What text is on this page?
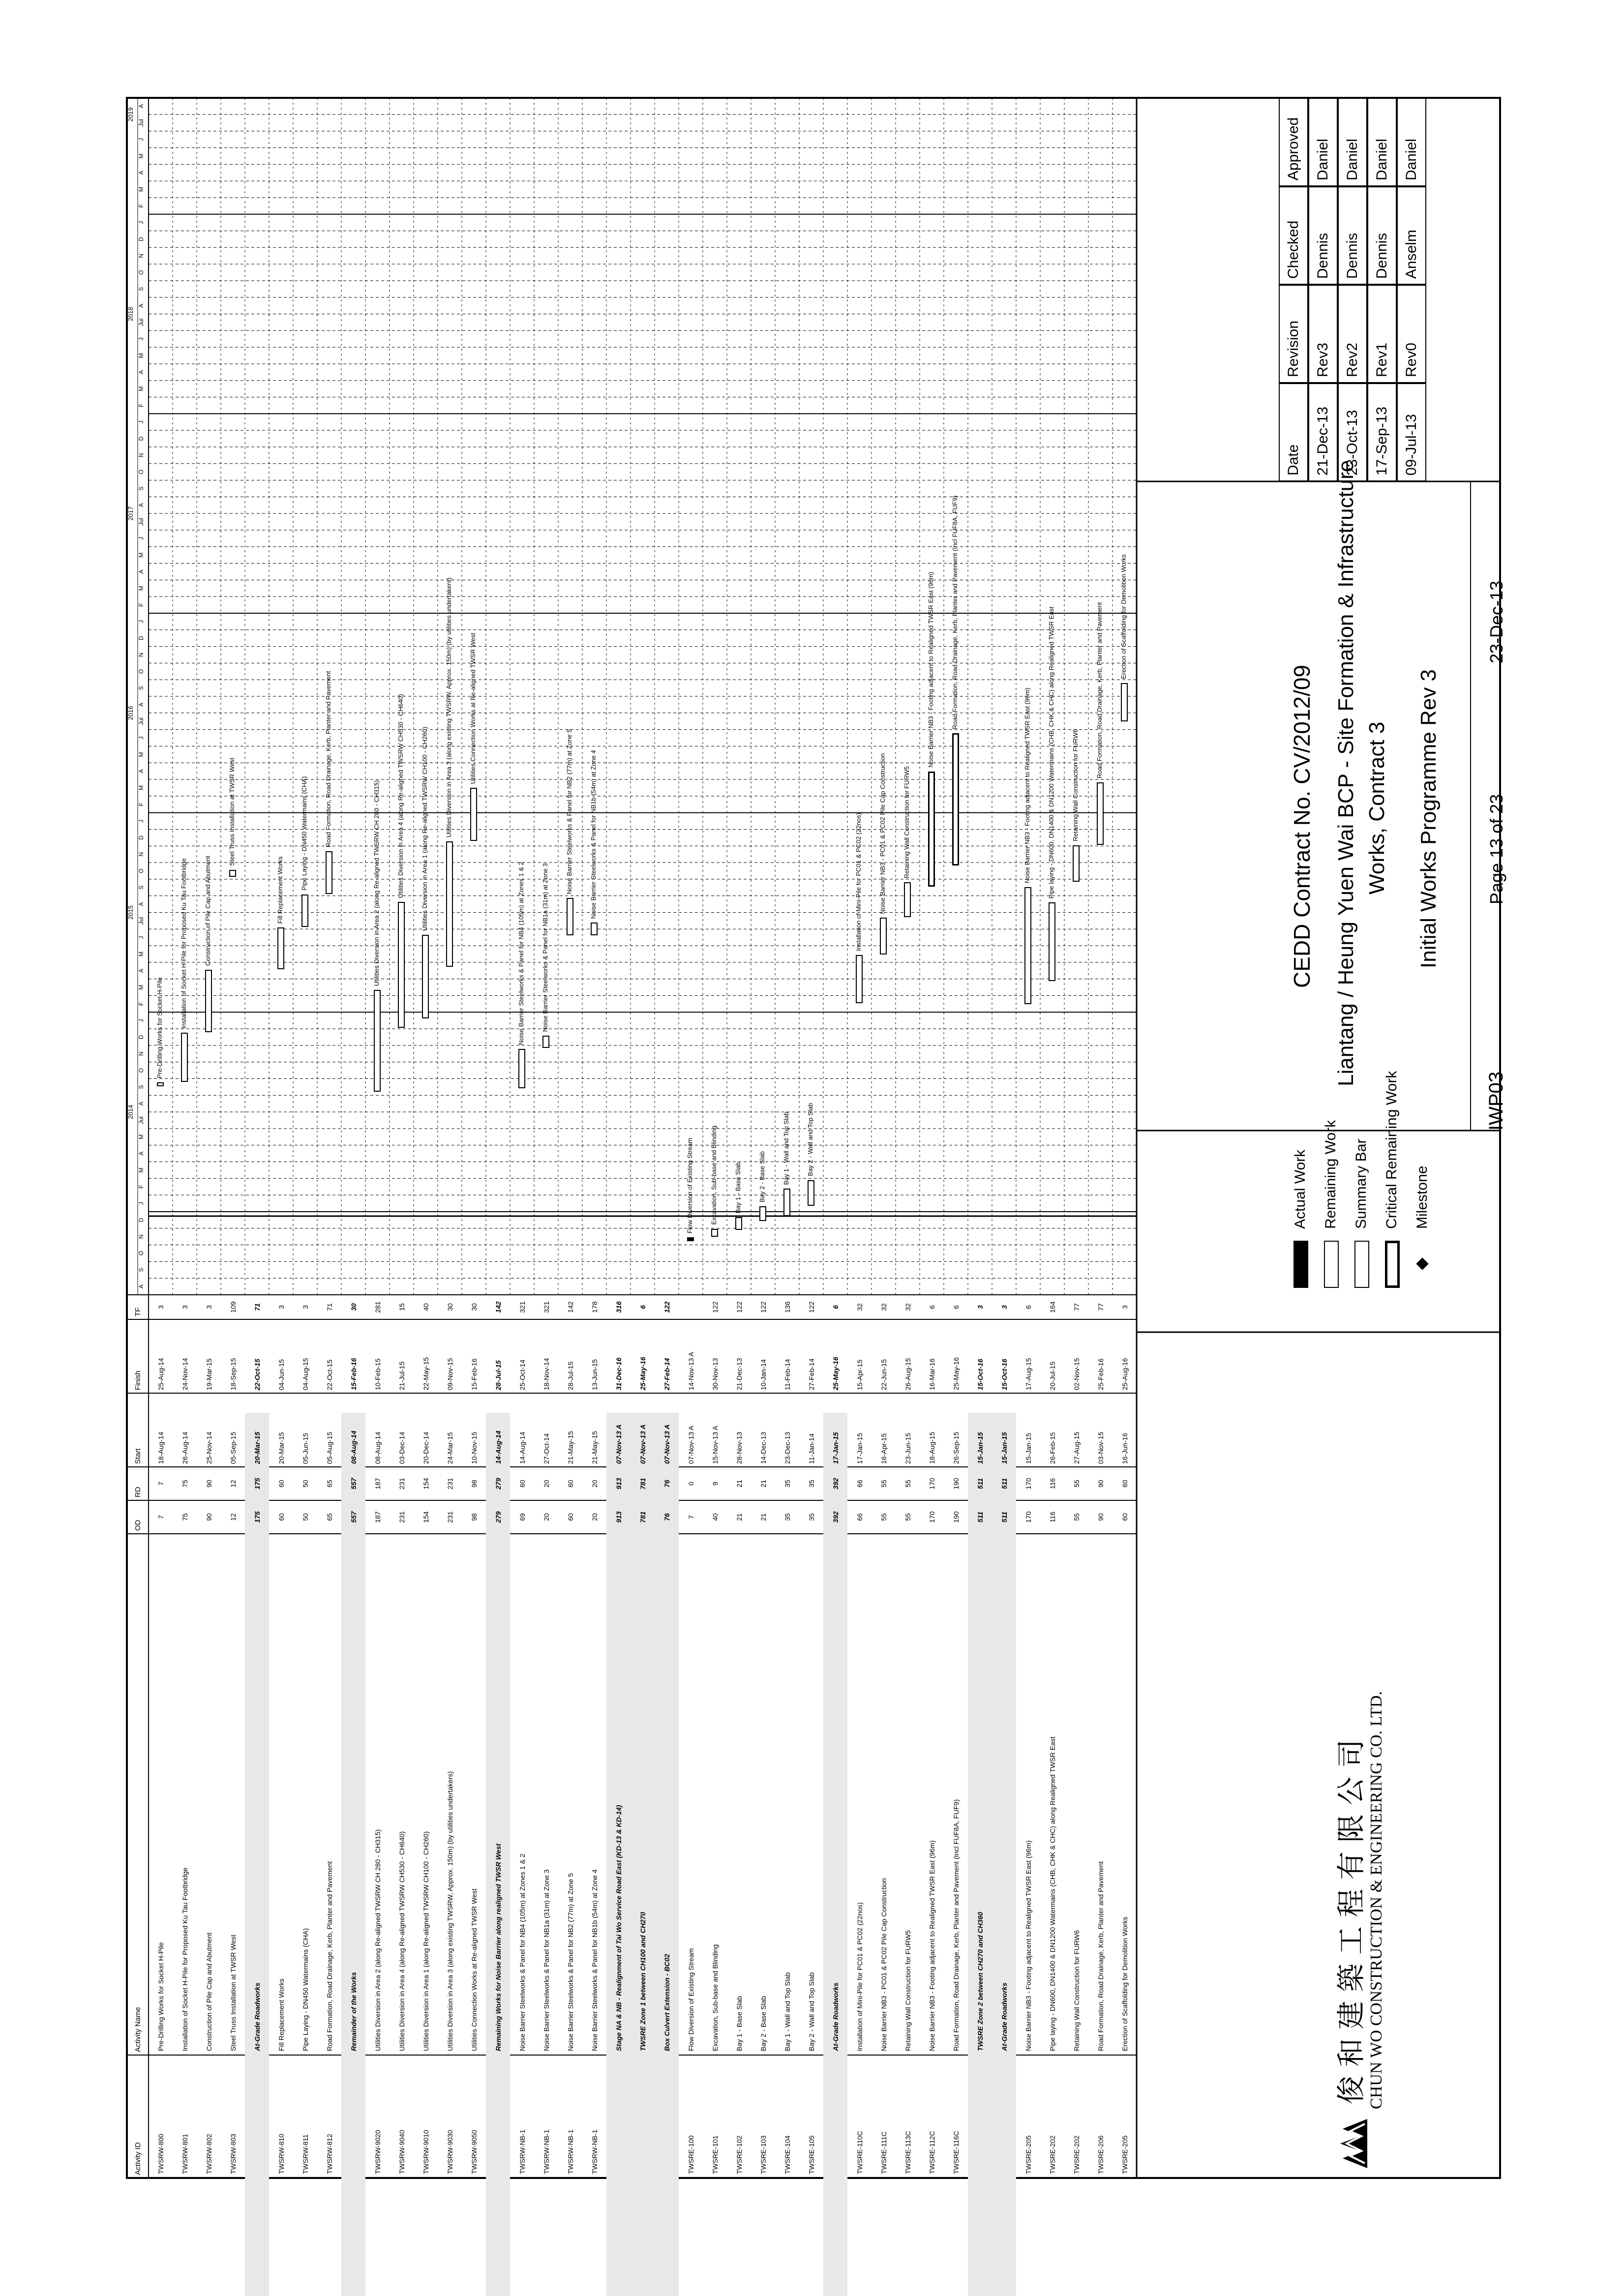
Activity ID
Activity Name
OD
RD
Start
Finish
TF
2014
2015
2016
2017
2018
2019
A
S
O
N
D
J
F
M
A
M
Jul
A
S
O
N
D
J
F
M
A
M
J
Jul
A
S
O
N
D
J
F
M
A
M
J
Jul
A
S
O
N
D
J
F
M
A
M
J
Jul
A
S
O
N
D
J
F
M
A
M
J
Jul
A
S
O
N
D
J
F
M
A
M
J
Jul
A
TWSRW-800
Pre-Drilling Works for Socket H-Pile
7
7
18-Aug-14
25-Aug-14
3
Pre-Drilling Works for Socket H-Pile
TWSRW-801
Installation of Socket H-Pile for Proposed Ku Tau Footbridge
75
75
26-Aug-14
24-Nov-14
3
Installation of Socket H-Pile for Proposed Ku Tau Footbridge
TWSRW-802
Construction of Pile Cap and Abutment
90
90
25-Nov-14
19-Mar-15
3
Construction of Pile Cap and Abutment
TWSRW-803
Steel Truss Installation at TWSR West
12
12
05-Sep-15
18-Sep-15
109
Steel Truss Installation at TWSR West
At-Grade Roadworks
175
175
20-Mar-15
22-Oct-15
71
TWSRW-810
Fill Replacement Works
60
60
20-Mar-15
04-Jun-15
3
Fill Replacement Works
TWSRW-811
Pipe Laying - DN450 Watermains (CHA)
50
50
05-Jun-15
04-Aug-15
3
Pipe Laying - DN450 Watermains (CHA)
TWSRW-812
Road Formation, Road Drainage, Kerb, Planter and Pavement
65
65
05-Aug-15
22-Oct-15
71
Road Formation, Road Drainage, Kerb, Planter and Pavement
Remainder of the Works
557
557
08-Aug-14
15-Feb-16
30
TWSRW-9020
Utilities Diversion in Area 2 (along Re-aligned TWSRW CH 280 - CH315)
187
187
08-Aug-14
10-Feb-15
281
Utilities Diversion in Area 2 (along Re-aligned TWSRW CH 280 - CH315)
TWSRW-9040
Utilities Diversion in Area 4 (along Re-aligned TWSRW CH530 - CH640)
231
231
03-Dec-14
21-Jul-15
15
Utilities Diversion in Area 4 (along Re-aligned TWSRW CH530 - CH640)
TWSRW-9010
Utilities Diversion in Area 1 (along Re-aligned TWSRW CH100 - CH260)
154
154
20-Dec-14
22-May-15
40
Utilities Diversion in Area 1 (along Re-aligned TWSRW CH100 - CH260)
TWSRW-9030
Utilities Diversion in Area 3 (along existing TWSRW, Approx. 150m) (by utilities undertakers)
231
231
24-Mar-15
09-Nov-15
30
Utilities Diversion in Area 3 (along existing TWSRW, Approx. 150m) (by utilities undertakers)
TWSRW-9050
Utilities Connection Works at Re-aligned TWSR West
98
98
10-Nov-15
15-Feb-16
30
Utilities Connection Works at Re-aligned TWSR West
Remaining Works for Noise Barrier along realigned TWSR West
279
279
14-Aug-14
28-Jul-15
142
TWSRW-NB-1
Noise Barrier Steelworks & Panel for NB4 (105m) at Zones 1 & 2
69
60
14-Aug-14
25-Oct-14
321
Noise Barrier Steelworks & Panel for NB4 (105m) at Zones 1 & 2
TWSRW-NB-1
Noise Barrier Steelworks & Panel for NB1a (31m) at Zone 3
20
20
27-Oct-14
18-Nov-14
321
Noise Barrier Steelworks & Panel for NB1a (31m) at Zone 3
TWSRW-NB-1
Noise Barrier Steelworks & Panel for NB2 (77m) at Zone 5
60
60
21-May-15
28-Jul-15
142
Noise Barrier Steelworks & Panel for NB2 (77m) at Zone 5
TWSRW-NB-1
Noise Barrier Steelworks & Panel for NB1b (54m) at Zone 4
20
20
21-May-15
13-Jun-15
178
Noise Barrier Steelworks & Panel for NB1b (54m) at Zone 4
Stage NA & NB - Realignment of Tai Wo Service Road East (KD-13 & KD-14)
913
913
07-Nov-13 A
31-Dec-16
316
TWSRE Zone 1 between CH100 and CH270
781
781
07-Nov-13 A
25-May-16
6
Box Culvert Extension - BC02
76
76
07-Nov-13 A
27-Feb-14
122
TWSRE-100
Flow Diversion of Existing Stream
7
0
07-Nov-13 A
14-Nov-13 A
Flow Diversion of Existing Stream
TWSRE-101
Excavation, Sub-base and Blinding
40
9
15-Nov-13 A
30-Nov-13
122
Excavation, Sub-base and Blinding
TWSRE-102
Bay 1 - Base Slab
21
21
28-Nov-13
21-Dec-13
122
Bay 1 - Base Slab
TWSRE-103
Bay 2 - Base Slab
21
21
14-Dec-13
10-Jan-14
122
Bay 2 - Base Slab
TWSRE-104
Bay 1 - Wall and Top Slab
35
35
23-Dec-13
11-Feb-14
136
Bay 1 - Wall and Top Slab
TWSRE-105
Bay 2 - Wall and Top Slab
35
35
11-Jan-14
27-Feb-14
122
Bay 2 - Wall and Top Slab
At-Grade Roadworks
392
392
17-Jan-15
25-May-16
6
TWSRE-110C
Installation of Mini-Pile for PC01 & PC02 (22nos)
66
66
17-Jan-15
15-Apr-15
32
Installation of Mini-Pile for PC01 & PC02 (22nos)
TWSRE-111C
Noise Barrier NB3 - PC01 & PC02 Pile Cap Construction
55
55
16-Apr-15
22-Jun-15
32
Noise Barrier NB3 - PC01 & PC02 Pile Cap Construction
TWSRE-113C
Retaining Wall Construction for FURW5
55
55
23-Jun-15
26-Aug-15
32
Retaining Wall Construction for FURW5
TWSRE-112C
Noise Barrier NB3 - Footing adjacent to Realigned TWSR East (96m)
170
170
18-Aug-15
16-Mar-16
6
Noise Barrier NB3 - Footing adjacent to Realigned TWSR East (96m)
TWSRE-116C
Road Formation, Road Drainage, Kerb, Planter and Pavement (Incl FUF8A, FUF9)
190
190
26-Sep-15
25-May-16
6
Road Formation, Road Drainage, Kerb, Planter and Pavement (Incl FUF8A, FUF9)
TWSRE Zone 2 between CH270 and CH360
511
511
15-Jan-15
15-Oct-16
3
At-Grade Roadworks
511
511
15-Jan-15
15-Oct-16
3
TWSRE-205
Noise Barrier NB3 - Footing adjacent to Realigned TWSR East (96m)
170
170
15-Jan-15
17-Aug-15
6
Noise Barrier NB3 - Footing adjacent to Realigned TWSR East (96m)
TWSRE-202
Pipe laying - DN600, DN1400 & DN1200 Watermains (CHB, CHK & CHC) along Realigned TWSR East
116
116
26-Feb-15
20-Jul-15
164
Pipe laying - DN600, DN1400 & DN1200 Watermains (CHB, CHK & CHC) along Realigned TWSR East
TWSRE-202
Retaining Wall Construction for FURW6
55
55
27-Aug-15
02-Nov-15
77
Retaining Wall Construction for FURW6
TWSRE-206
Road Formation, Road Drainage, Kerb, Planter and Pavement
90
90
03-Nov-15
25-Feb-16
77
Road Formation, Road Drainage, Kerb, Planter and Pavement
TWSRE-205
Erection of Scaffolding for Demolition Works
60
60
16-Jun-16
25-Aug-16
3
Erection of Scaffolding for Demolition Works
俊和建築工程有限公司 CHUN WO CONSTRUCTION & ENGINEERING CO. LTD.
Actual Work Remaining Work Summary Bar Critical Remaining Work Milestone
CEDD Contract No. CV/2012/09 Liantang / Heung Yuen Wai BCP - Site Formation & Infrastructure Works, Contract 3 Initial Works Programme Rev 3
IWP03
Page 13 of 23
23-Dec-13
Date
Revision
Checked
Approved
21-Dec-13
Rev3
Dennis
Daniel
23-Oct-13
Rev2
Dennis
Daniel
17-Sep-13
Rev1
Dennis
Daniel
09-Jul-13
Rev0
Anselm
Daniel
